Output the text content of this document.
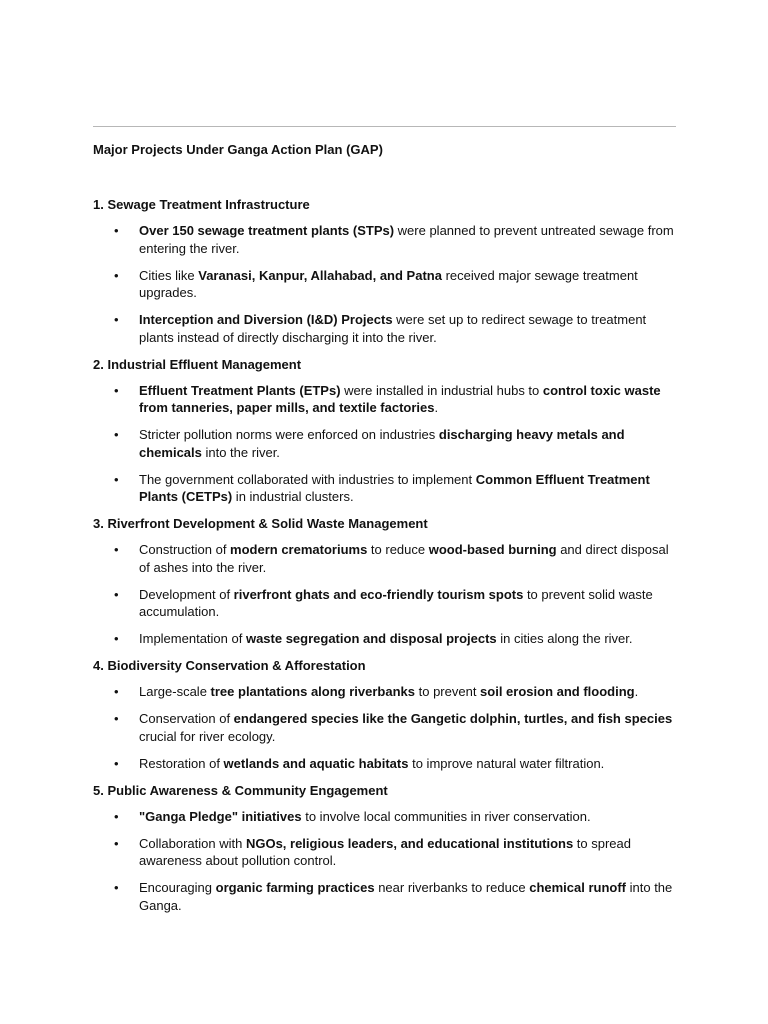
Major Projects Under Ganga Action Plan (GAP)
1. Sewage Treatment Infrastructure
• Over 150 sewage treatment plants (STPs) were planned to prevent untreated sewage from entering the river.
• Cities like Varanasi, Kanpur, Allahabad, and Patna received major sewage treatment upgrades.
• Interception and Diversion (I&D) Projects were set up to redirect sewage to treatment plants instead of directly discharging it into the river.
2. Industrial Effluent Management
• Effluent Treatment Plants (ETPs) were installed in industrial hubs to control toxic waste from tanneries, paper mills, and textile factories.
• Stricter pollution norms were enforced on industries discharging heavy metals and chemicals into the river.
• The government collaborated with industries to implement Common Effluent Treatment Plants (CETPs) in industrial clusters.
3. Riverfront Development & Solid Waste Management
• Construction of modern crematoriums to reduce wood-based burning and direct disposal of ashes into the river.
• Development of riverfront ghats and eco-friendly tourism spots to prevent solid waste accumulation.
• Implementation of waste segregation and disposal projects in cities along the river.
4. Biodiversity Conservation & Afforestation
• Large-scale tree plantations along riverbanks to prevent soil erosion and flooding.
• Conservation of endangered species like the Gangetic dolphin, turtles, and fish species crucial for river ecology.
• Restoration of wetlands and aquatic habitats to improve natural water filtration.
5. Public Awareness & Community Engagement
• "Ganga Pledge" initiatives to involve local communities in river conservation.
• Collaboration with NGOs, religious leaders, and educational institutions to spread awareness about pollution control.
• Encouraging organic farming practices near riverbanks to reduce chemical runoff into the Ganga.
